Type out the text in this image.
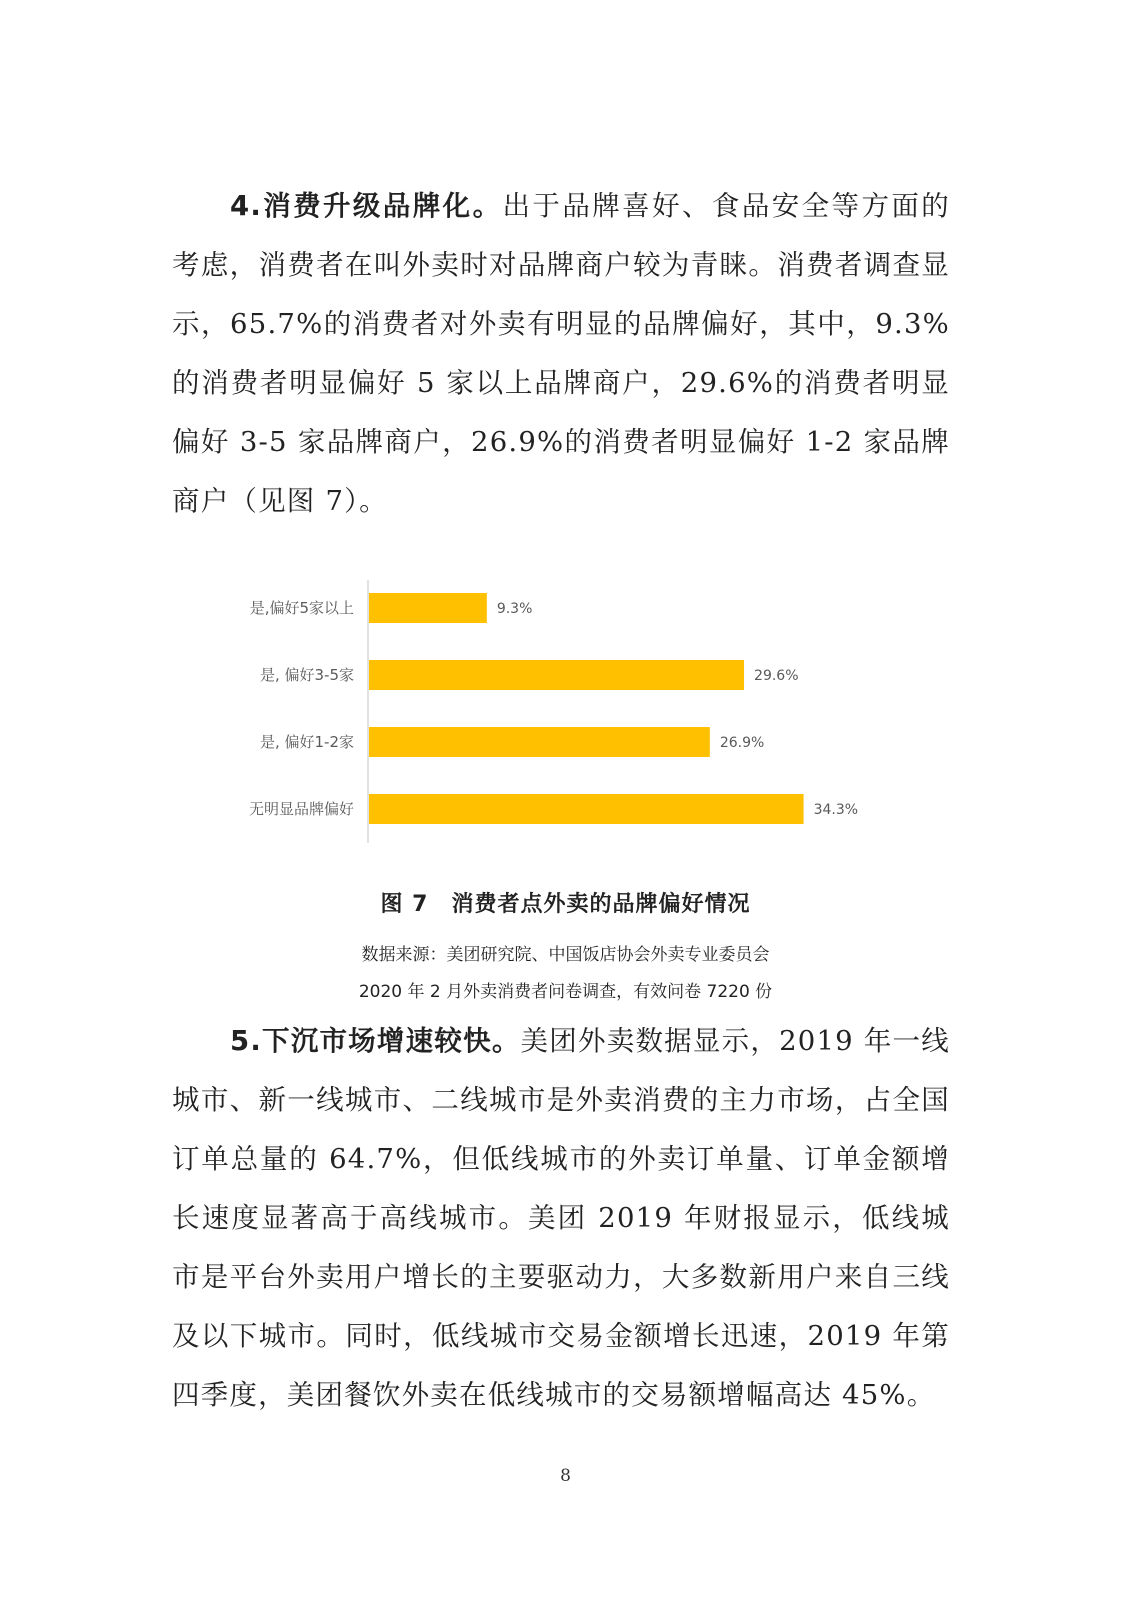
4.消费升级品牌化。出于品牌喜好、食品安全等方面的考虑，消费者在叫外卖时对品牌商户较为青睐。消费者调查显示，65.7%的消费者对外卖有明显的品牌偏好，其中，9.3%的消费者明显偏好 5 家以上品牌商户，29.6%的消费者明显偏好 3-5 家品牌商户，26.9%的消费者明显偏好 1-2 家品牌商户（见图 7）。
是,偏好5家以上	9.3%
是, 偏好3-5家	29.6%
是, 偏好1-2家	26.9%
无明显品牌偏好	34.3%
图 7　消费者点外卖的品牌偏好情况
数据来源：美团研究院、中国饭店协会外卖专业委员会
2020 年 2 月外卖消费者问卷调查，有效问卷 7220 份
5.下沉市场增速较快。美团外卖数据显示，2019 年一线城市、新一线城市、二线城市是外卖消费的主力市场，占全国订单总量的 64.7%，但低线城市的外卖订单量、订单金额增长速度显著高于高线城市。美团 2019 年财报显示，低线城市是平台外卖用户增长的主要驱动力，大多数新用户来自三线及以下城市。同时，低线城市交易金额增长迅速，2019 年第四季度，美团餐饮外卖在低线城市的交易额增幅高达 45%。
8
